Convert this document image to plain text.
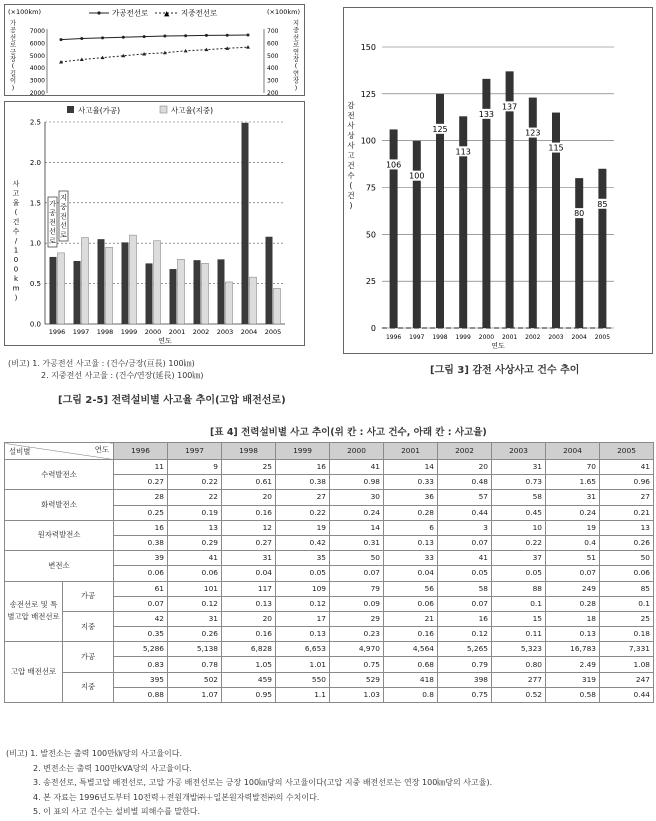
(×100km)	(×100km)
가공전선로 ▲ 지중전선로
가
공
선
로
긍
장
(
길
이
)
지
중
선
로
연
장
(
연
장
)
7000
6000
5000
4000
3000
2000
700
600
500
400
300
200
사고율(가공)	사고율(지중)
0.0
0.5
1.0
1.5
2.0
2.5
사
고
율
(
건
수
/
1
0
0
k
m
)
가
공
전
선
로
지
중
전
선
로
1996 1997 1998 1999 2000 2001 2002 2003 2004 2005
연도
(비고) 1. 가공전선 사고율 : (건수/긍장(亘長) 100㎞)
2. 지중전선 사고율 : (건수/연장(延長) 100㎞)
[그림 2-5] 전력설비별 사고율 추이(고압 배전선로)
0
25
50
75
100
125
150
감
전
사
상
사
고
건
수
(
건
)
106
1996
100
1997
125
1998
113
1999
133
2000
137
2001
123
2002
115
2003
80
2004
85
2005
연도
[그림 3] 감전 사상사고 건수 추이
[표 4] 전력설비별 사고 추이(위 칸 : 사고 건수, 아래 칸 : 사고율)
설비별 연도		1996	1997	1998	1999	2000	2001	2002	2003	2004	2005
수력발전소		11	9	25	16	41	14	20	31	70	41
		0.27	0.22	0.61	0.38	0.98	0.33	0.48	0.73	1.65	0.96
화력발전소		28	22	20	27	30	36	57	58	31	27
		0.25	0.19	0.16	0.22	0.24	0.28	0.44	0.45	0.24	0.21
원자력발전소		16	13	12	19	14	6	3	10	19	13
		0.38	0.29	0.27	0.42	0.31	0.13	0.07	0.22	0.4	0.26
변전소		39	41	31	35	50	33	41	37	51	50
		0.06	0.06	0.04	0.05	0.07	0.04	0.05	0.05	0.07	0.06
송전선로 및 특별고압 배전선로	가공	61	101	117	109	79	56	58	88	249	85
		0.07	0.12	0.13	0.12	0.09	0.06	0.07	0.1	0.28	0.1
	지중	42	31	20	17	29	21	16	15	18	25
		0.35	0.26	0.16	0.13	0.23	0.16	0.12	0.11	0.13	0.18
고압 배전선로	가공	5,286	5,138	6,828	6,653	4,970	4,564	5,265	5,323	16,783	7,331
		0.83	0.78	1.05	1.01	0.75	0.68	0.79	0.80	2.49	1.08
	지중	395	502	459	550	529	418	398	277	319	247
		0.88	1.07	0.95	1.1	1.03	0.8	0.75	0.52	0.58	0.44
(비고) 1. 발전소는 출력 100만㎾당의 사고율이다.
2. 변전소는 출력 100만kVA당의 사고율이다.
3. 송전선로, 특별고압 배전선로, 고압 가공 배전선로는 긍장 100㎞당의 사고율이다(고압 지중 배전선로는 연장 100㎞당의 사고율).
4. 본 자료는 1996년도부터 10전력＋전원개발㈜＋일본원자력발전㈜의 수치이다.
5. 이 표의 사고 건수는 설비별 피해수를 말한다.
